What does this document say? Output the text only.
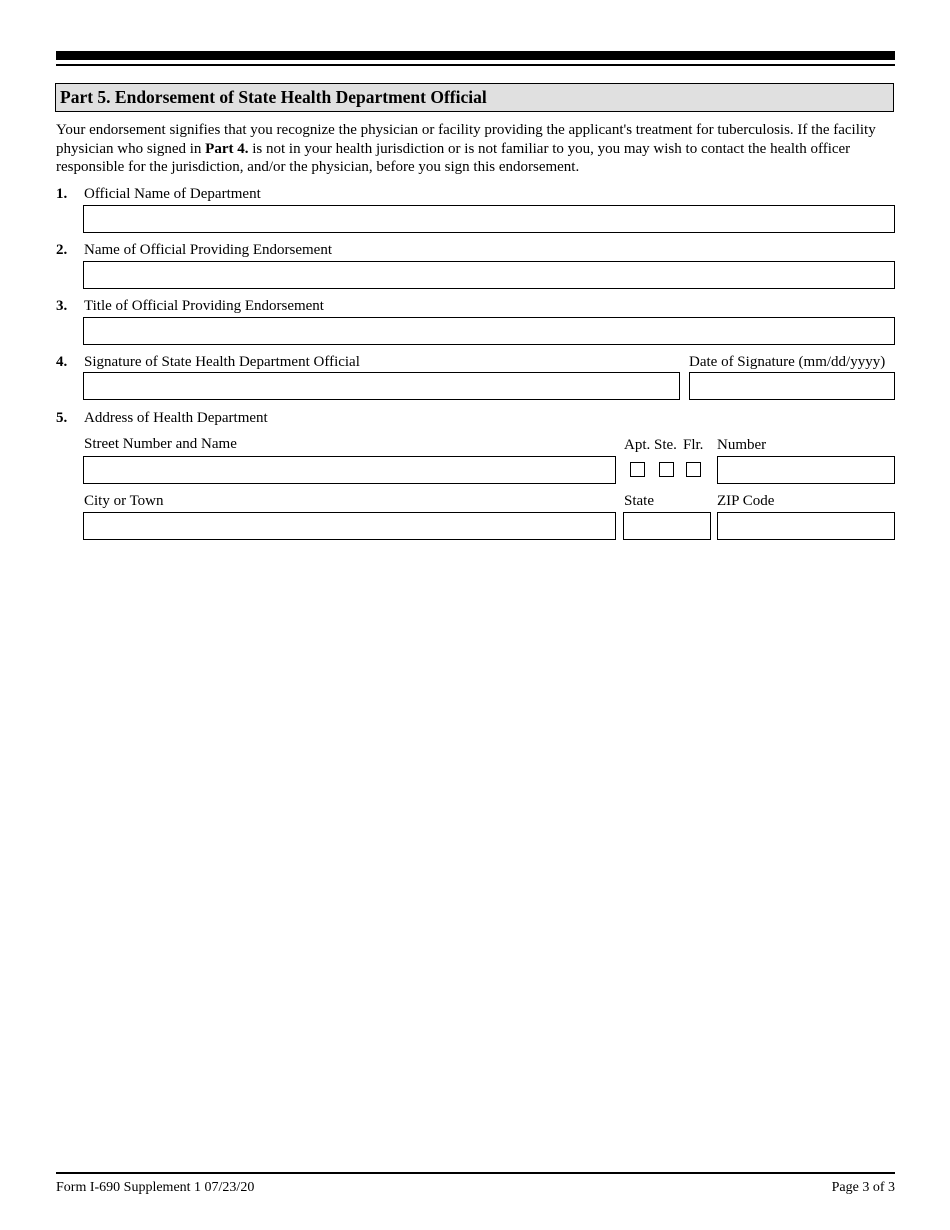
Part 5. Endorsement of State Health Department Official
Your endorsement signifies that you recognize the physician or facility providing the applicant's treatment for tuberculosis. If the facility physician who signed in Part 4. is not in your health jurisdiction or is not familiar to you, you may wish to contact the health officer responsible for the jurisdiction, and/or the physician, before you sign this endorsement.
1. Official Name of Department
2. Name of Official Providing Endorsement
3. Title of Official Providing Endorsement
4. Signature of State Health Department Official	Date of Signature (mm/dd/yyyy)
5. Address of Health Department
Street Number and Name	Apt. Ste. Flr. Number
City or Town	State	ZIP Code
Form I-690 Supplement 1 07/23/20	Page 3 of 3
